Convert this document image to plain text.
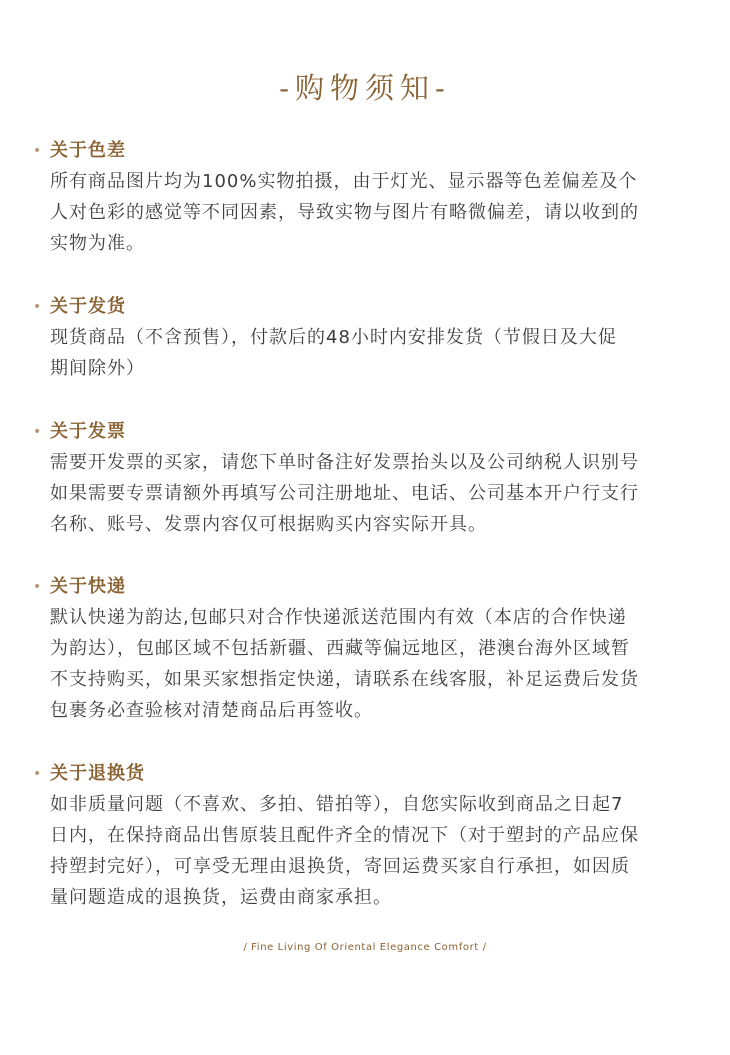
-购物须知-
• 关于色差
所有商品图片均为100%实物拍摄，由于灯光、显示器等色差偏差及个
人对色彩的感觉等不同因素，导致实物与图片有略微偏差，请以收到的
实物为准。
• 关于发货
现货商品（不含预售），付款后的48小时内安排发货（节假日及大促
期间除外）
• 关于发票
需要开发票的买家，请您下单时备注好发票抬头以及公司纳税人识别号
如果需要专票请额外再填写公司注册地址、电话、公司基本开户行支行
名称、账号、发票内容仅可根据购买内容实际开具。
• 关于快递
默认快递为韵达,包邮只对合作快递派送范围内有效（本店的合作快递
为韵达），包邮区域不包括新疆、西藏等偏远地区，港澳台海外区域暂
不支持购买，如果买家想指定快递，请联系在线客服，补足运费后发货
包裹务必查验核对清楚商品后再签收。
• 关于退换货
如非质量问题（不喜欢、多拍、错拍等），自您实际收到商品之日起7
日内，在保持商品出售原装且配件齐全的情况下（对于塑封的产品应保
持塑封完好），可享受无理由退换货，寄回运费买家自行承担，如因质
量问题造成的退换货，运费由商家承担。
/ Fine Living Of Oriental Elegance Comfort /
